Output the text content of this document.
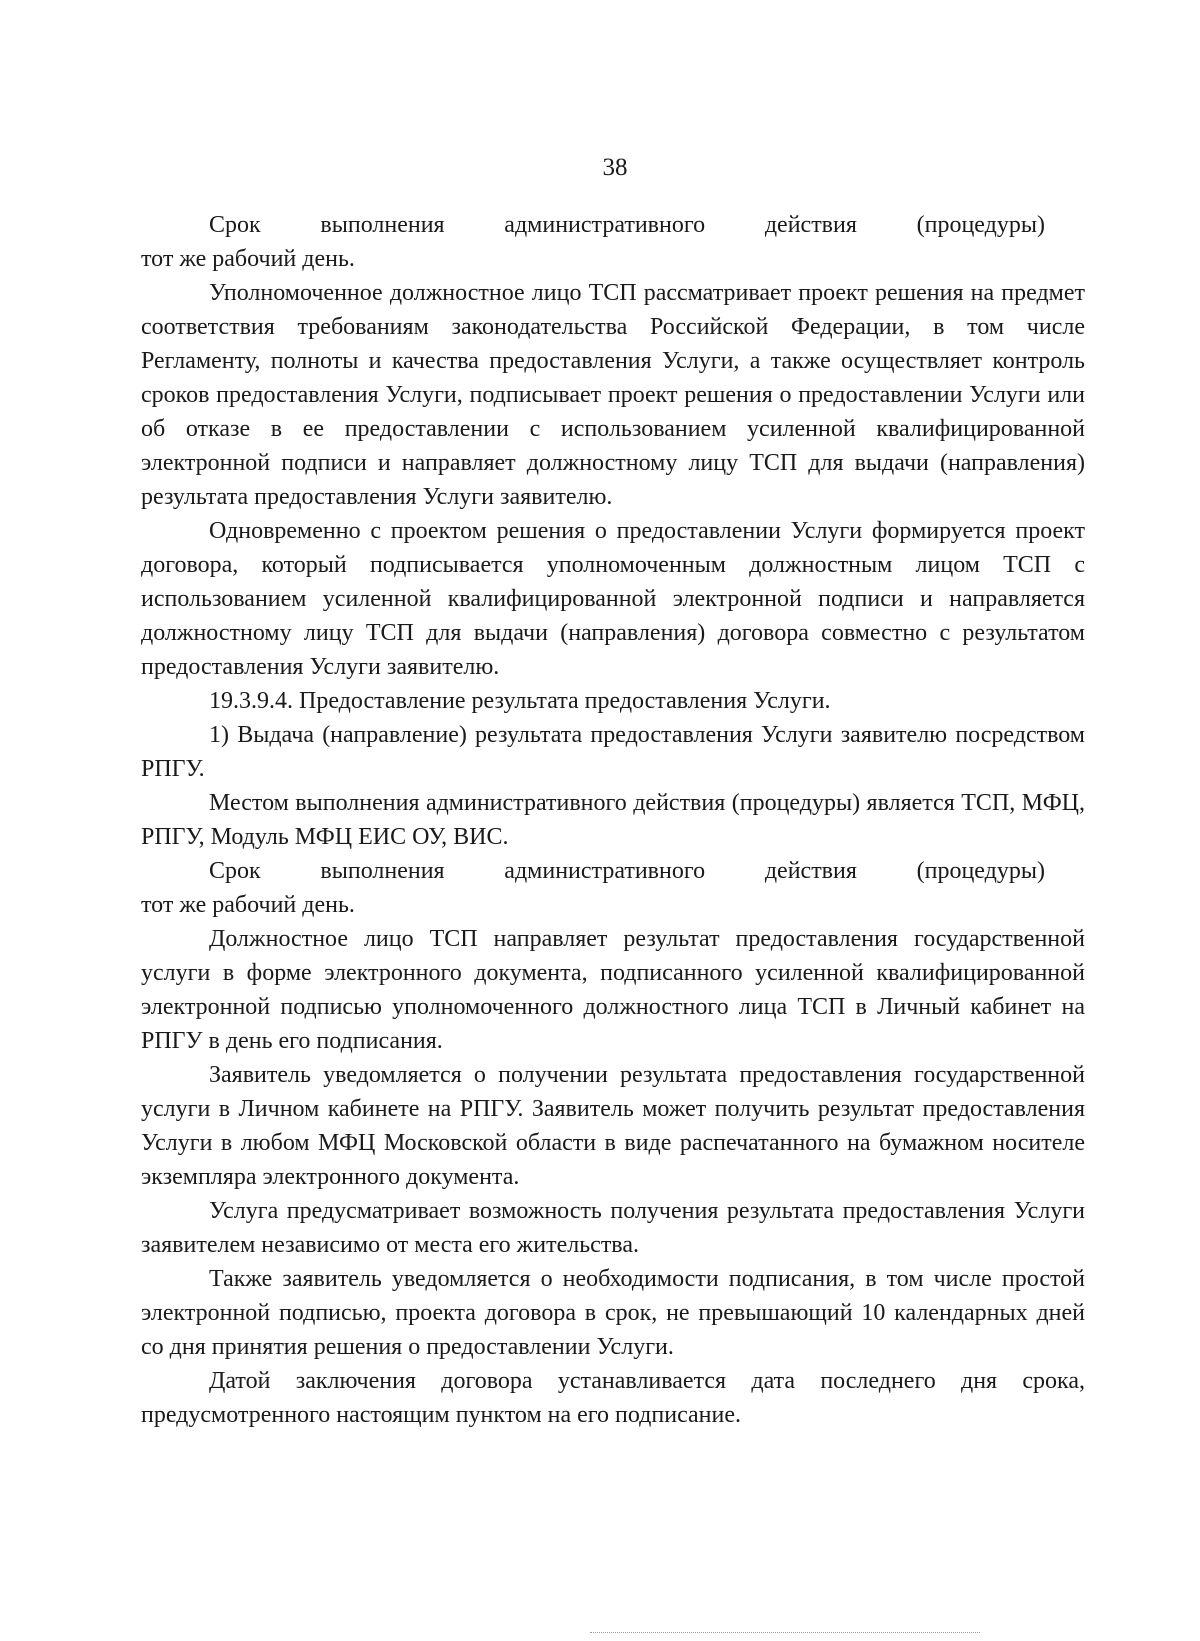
38
Срок выполнения административного действия (процедуры)

тот же рабочий день.

Уполномоченное должностное лицо ТСП рассматривает проект решения на предмет соответствия требованиям законодательства Российской Федерации, в том числе Регламенту, полноты и качества предоставления Услуги, а также осуществляет контроль сроков предоставления Услуги, подписывает проект решения о предоставлении Услуги или об отказе в ее предоставлении с использованием усиленной квалифицированной электронной подписи и направляет должностному лицу ТСП для выдачи (направления) результата предоставления Услуги заявителю.

Одновременно с проектом решения о предоставлении Услуги формируется проект договора, который подписывается уполномоченным должностным лицом ТСП с использованием усиленной квалифицированной электронной подписи и направляется должностному лицу ТСП для выдачи (направления) договора совместно с результатом предоставления Услуги заявителю.

19.3.9.4. Предоставление результата предоставления Услуги.

1) Выдача (направление) результата предоставления Услуги заявителю посредством РПГУ.

Местом выполнения административного действия (процедуры) является ТСП, МФЦ, РПГУ, Модуль МФЦ ЕИС ОУ, ВИС.

Срок выполнения административного действия (процедуры)

тот же рабочий день.

Должностное лицо ТСП направляет результат предоставления государственной услуги в форме электронного документа, подписанного усиленной квалифицированной электронной подписью уполномоченного должностного лица ТСП в Личный кабинет на РПГУ в день его подписания.

Заявитель уведомляется о получении результата предоставления государственной услуги в Личном кабинете на РПГУ. Заявитель может получить результат предоставления Услуги в любом МФЦ Московской области в виде распечатанного на бумажном носителе экземпляра электронного документа.

Услуга предусматривает возможность получения результата предоставления Услуги заявителем независимо от места его жительства.

Также заявитель уведомляется о необходимости подписания, в том числе простой электронной подписью, проекта договора в срок, не превышающий 10 календарных дней со дня принятия решения о предоставлении Услуги.

Датой заключения договора устанавливается дата последнего дня срока, предусмотренного настоящим пунктом на его подписание.
